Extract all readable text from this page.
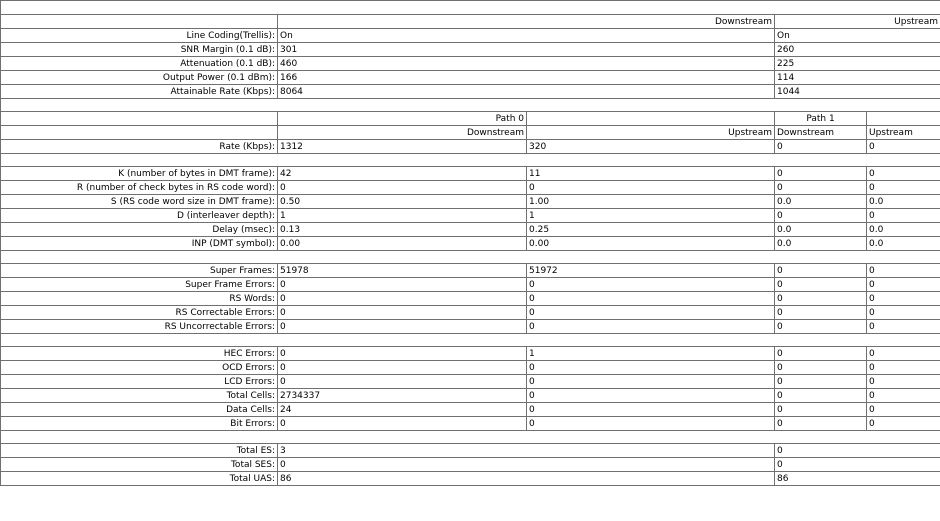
	Downstream		Upstream	
Line Coding(Trellis):	On		On	
SNR Margin (0.1 dB):	301		260	
Attenuation (0.1 dB):	460		225	
Output Power (0.1 dBm):	166		114	
Attainable Rate (Kbps):	8064		1044	

	Path 0		Path 1	
	Downstream	Upstream	Downstream	Upstream
Rate (Kbps):	1312	320	0	0

K (number of bytes in DMT frame):	42	11	0	0
R (number of check bytes in RS code word):	0	0	0	0
S (RS code word size in DMT frame):	0.50	1.00	0.0	0.0
D (interleaver depth):	1	1	0	0
Delay (msec):	0.13	0.25	0.0	0.0
INP (DMT symbol):	0.00	0.00	0.0	0.0

Super Frames:	51978	51972	0	0
Super Frame Errors:	0	0	0	0
RS Words:	0	0	0	0
RS Correctable Errors:	0	0	0	0
RS Uncorrectable Errors:	0	0	0	0

HEC Errors:	0	1	0	0
OCD Errors:	0	0	0	0
LCD Errors:	0	0	0	0
Total Cells:	2734337	0	0	0
Data Cells:	24	0	0	0
Bit Errors:	0	0	0	0

Total ES:	3		0	
Total SES:	0		0	
Total UAS:	86		86	
